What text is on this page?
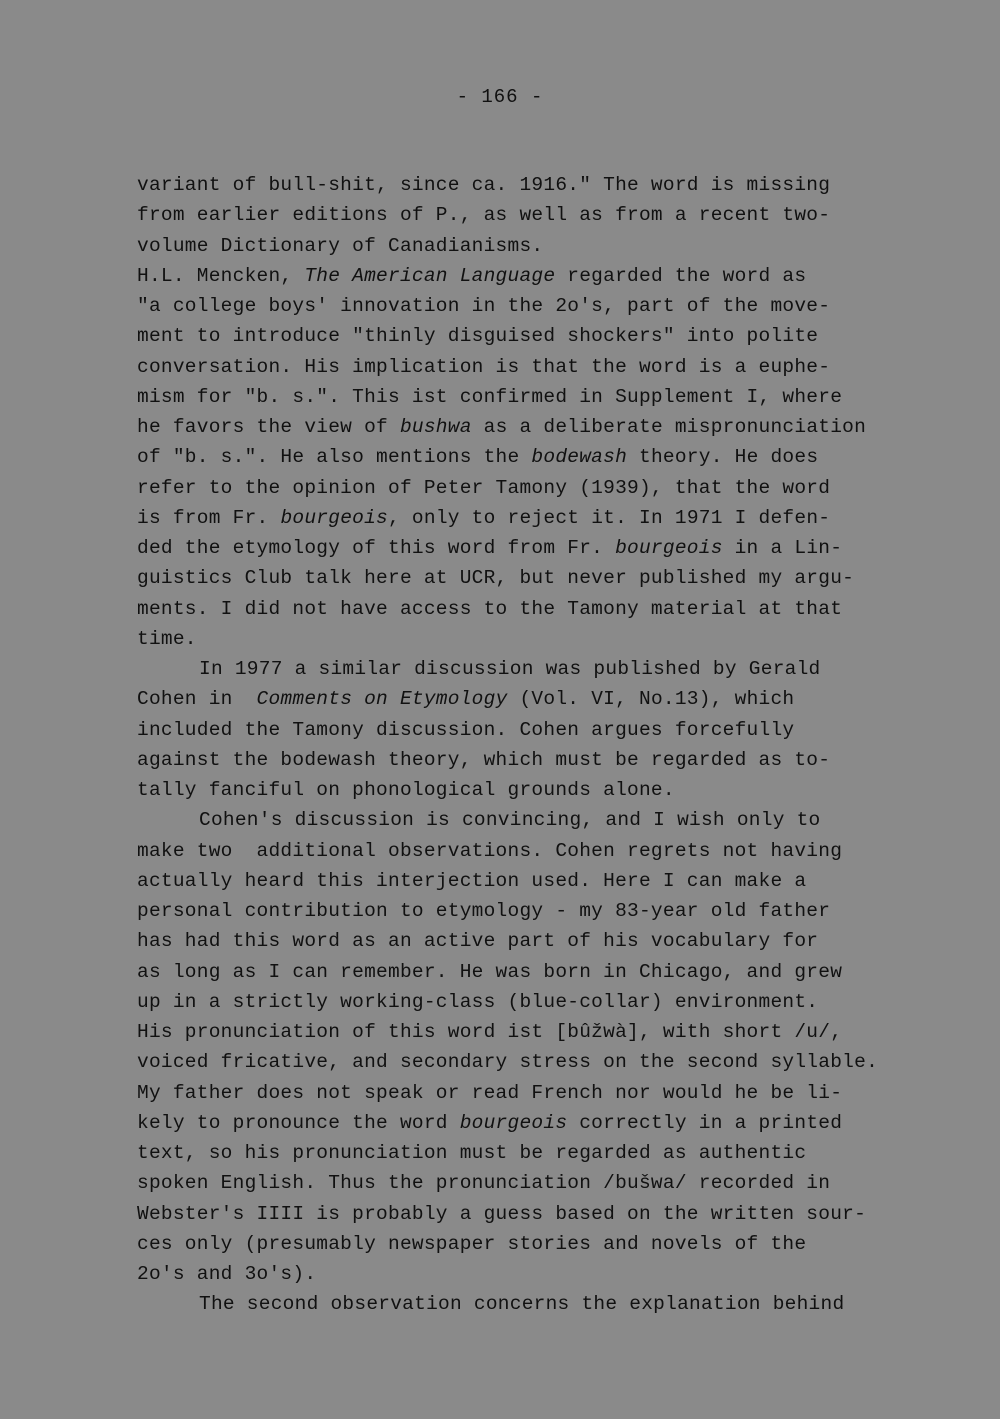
- 166 -
variant of bull-shit, since ca. 1916." The word is missing
from earlier editions of P., as well as from a recent two-
volume Dictionary of Canadianisms.
H.L. Mencken, The American Language regarded the word as
"a college boys' innovation in the 2o's, part of the move-
ment to introduce "thinly disguised shockers" into polite
conversation. His implication is that the word is a euphe-
mism for "b. s.". This ist confirmed in Supplement I, where
he favors the view of bushwa as a deliberate mispronunciation
of "b. s.". He also mentions the bodewash theory. He does
refer to the opinion of Peter Tamony (1939), that the word
is from Fr. bourgeois, only to reject it. In 1971 I defen-
ded the etymology of this word from Fr. bourgeois in a Lin-
guistics Club talk here at UCR, but never published my argu-
ments. I did not have access to the Tamony material at that
time.
In 1977 a similar discussion was published by Gerald
Cohen in  Comments on Etymology (Vol. VI, No.13), which
included the Tamony discussion. Cohen argues forcefully
against the bodewash theory, which must be regarded as to-
tally fanciful on phonological grounds alone.
Cohen's discussion is convincing, and I wish only to
make two  additional observations. Cohen regrets not having
actually heard this interjection used. Here I can make a
personal contribution to etymology - my 83-year old father
has had this word as an active part of his vocabulary for
as long as I can remember. He was born in Chicago, and grew
up in a strictly working-class (blue-collar) environment.
His pronunciation of this word ist [bûžwà], with short /u/,
voiced fricative, and secondary stress on the second syllable.
My father does not speak or read French nor would he be li-
kely to pronounce the word bourgeois correctly in a printed
text, so his pronunciation must be regarded as authentic
spoken English. Thus the pronunciation /bušwa/ recorded in
Webster's IIII is probably a guess based on the written sour-
ces only (presumably newspaper stories and novels of the
2o's and 3o's).
The second observation concerns the explanation behind
